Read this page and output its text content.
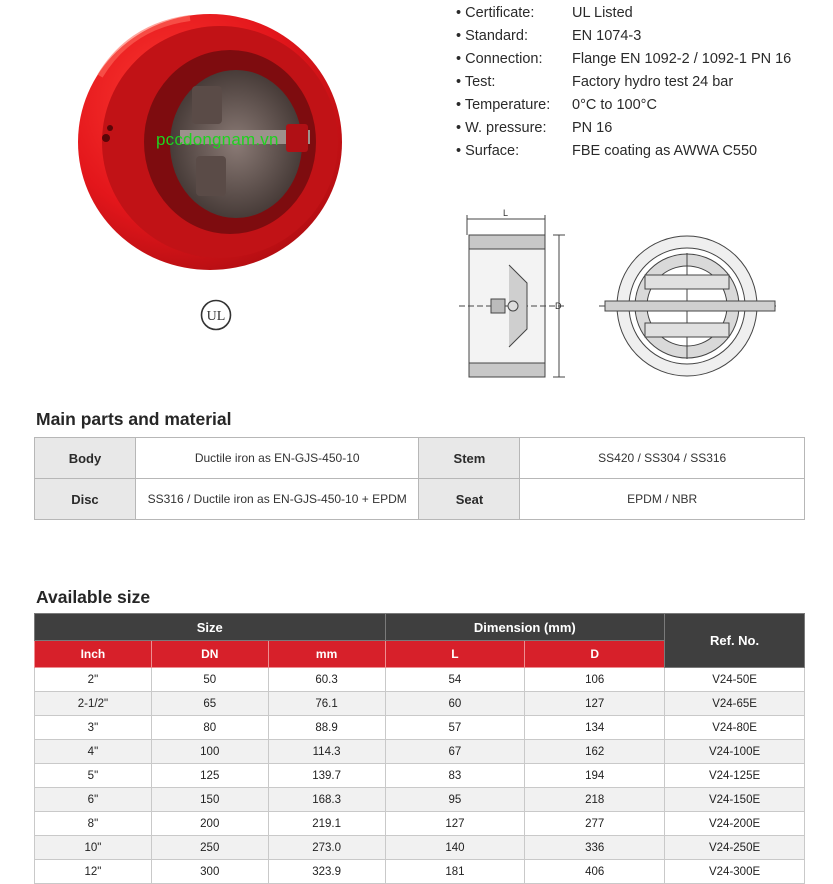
pccdongnam.vn
UL
• Certificate:	UL Listed
• Standard:	EN 1074-3
• Connection:	Flange EN 1092-2 / 1092-1 PN 16
• Test:	Factory hydro test 24 bar
• Temperature:	0°C to 100°C
• W. pressure:	PN 16
• Surface:	FBE coating as AWWA C550
L
D
Main parts and material
Body	Ductile iron as EN-GJS-450-10	Stem	SS420 / SS304 / SS316
Disc	SS316 / Ductile iron as EN-GJS-450-10 + EPDM	Seat	EPDM / NBR
Available size
Size			Dimension (mm)		Ref. No.
Inch	DN	mm	L	D	
2"	50	60.3	54	106	V24-50E
2-1/2"	65	76.1	60	127	V24-65E
3"	80	88.9	57	134	V24-80E
4"	100	114.3	67	162	V24-100E
5"	125	139.7	83	194	V24-125E
6"	150	168.3	95	218	V24-150E
8"	200	219.1	127	277	V24-200E
10"	250	273.0	140	336	V24-250E
12"	300	323.9	181	406	V24-300E
